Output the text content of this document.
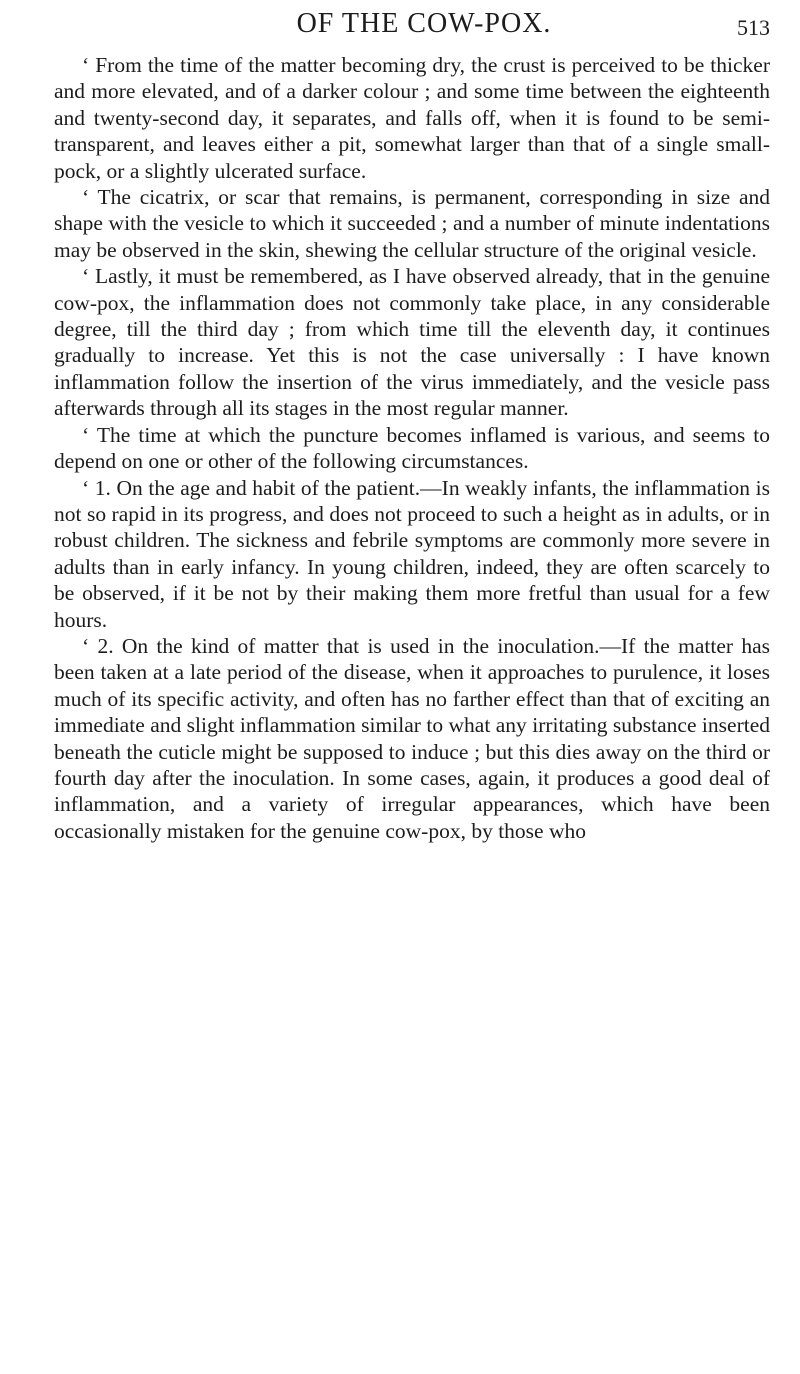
OF THE COW-POX.	513

‘ From the time of the matter becoming dry, the crust is perceived to be thicker and more elevated, and of a darker colour ; and some time between the eighteenth and twenty-second day, it separates, and falls off, when it is found to be semi-transparent, and leaves either a pit, somewhat larger than that of a single small-pock, or a slightly ulcerated surface.

‘ The cicatrix, or scar that remains, is permanent, corresponding in size and shape with the vesicle to which it succeeded ; and a number of minute indentations may be observed in the skin, shewing the cellular structure of the original vesicle.

‘ Lastly, it must be remembered, as I have observed already, that in the genuine cow-pox, the inflammation does not commonly take place, in any considerable degree, till the third day ; from which time till the eleventh day, it continues gradually to increase. Yet this is not the case universally : I have known inflammation follow the insertion of the virus immediately, and the vesicle pass afterwards through all its stages in the most regular manner.

‘ The time at which the puncture becomes inflamed is various, and seems to depend on one or other of the following circumstances.

‘ 1. On the age and habit of the patient.—In weakly infants, the inflammation is not so rapid in its progress, and does not proceed to such a height as in adults, or in robust children. The sickness and febrile symptoms are commonly more severe in adults than in early infancy. In young children, indeed, they are often scarcely to be observed, if it be not by their making them more fretful than usual for a few hours.

‘ 2. On the kind of matter that is used in the inoculation.—If the matter has been taken at a late period of the disease, when it approaches to purulence, it loses much of its specific activity, and often has no farther effect than that of exciting an immediate and slight inflammation similar to what any irritating substance inserted beneath the cuticle might be supposed to induce ; but this dies away on the third or fourth day after the inoculation. In some cases, again, it produces a good deal of inflammation, and a variety of irregular appearances, which have been occasionally mistaken for the genuine cow-pox, by those who
